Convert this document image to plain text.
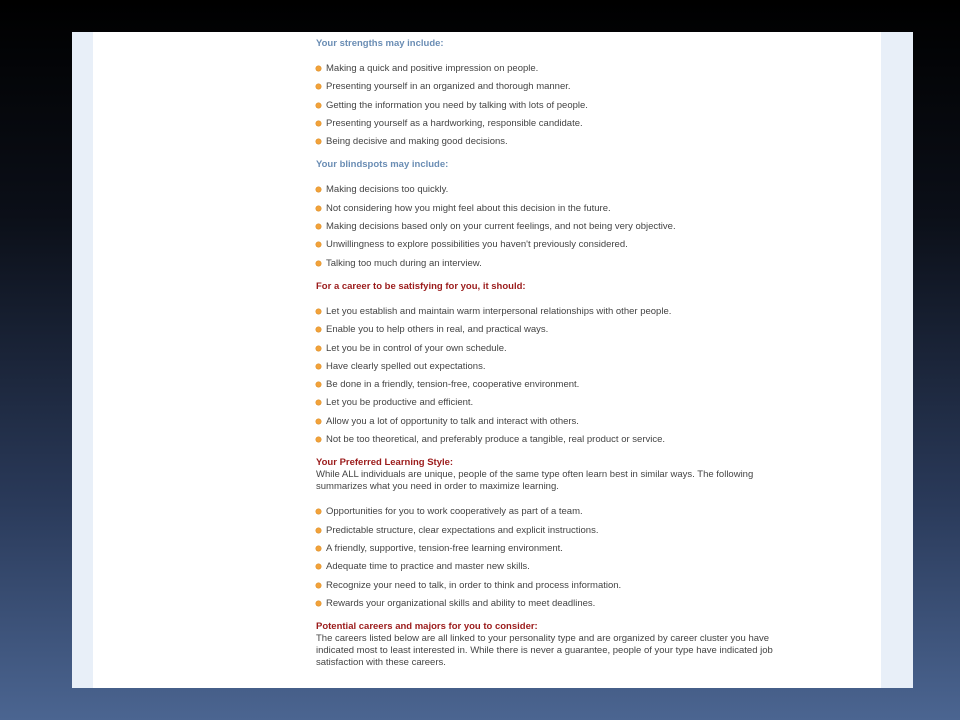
Your strengths may include:
Making a quick and positive impression on people.
Presenting yourself in an organized and thorough manner.
Getting the information you need by talking with lots of people.
Presenting yourself as a hardworking, responsible candidate.
Being decisive and making good decisions.
Your blindspots may include:
Making decisions too quickly.
Not considering how you might feel about this decision in the future.
Making decisions based only on your current feelings, and not being very objective.
Unwillingness to explore possibilities you haven't previously considered.
Talking too much during an interview.
For a career to be satisfying for you, it should:
Let you establish and maintain warm interpersonal relationships with other people.
Enable you to help others in real, and practical ways.
Let you be in control of your own schedule.
Have clearly spelled out expectations.
Be done in a friendly, tension-free, cooperative environment.
Let you be productive and efficient.
Allow you a lot of opportunity to talk and interact with others.
Not be too theoretical, and preferably produce a tangible, real product or service.
Your Preferred Learning Style:

While ALL individuals are unique, people of the same type often learn best in similar ways. The following summarizes what you need in order to maximize learning.

Opportunities for you to work cooperatively as part of a team.
Predictable structure, clear expectations and explicit instructions.
A friendly, supportive, tension-free learning environment.
Adequate time to practice and master new skills.
Recognize your need to talk, in order to think and process information.
Rewards your organizational skills and ability to meet deadlines.
Potential careers and majors for you to consider:

The careers listed below are all linked to your personality type and are organized by career cluster you have indicated most to least interested in. While there is never a guarantee, people of your type have indicated job satisfaction with these careers.
